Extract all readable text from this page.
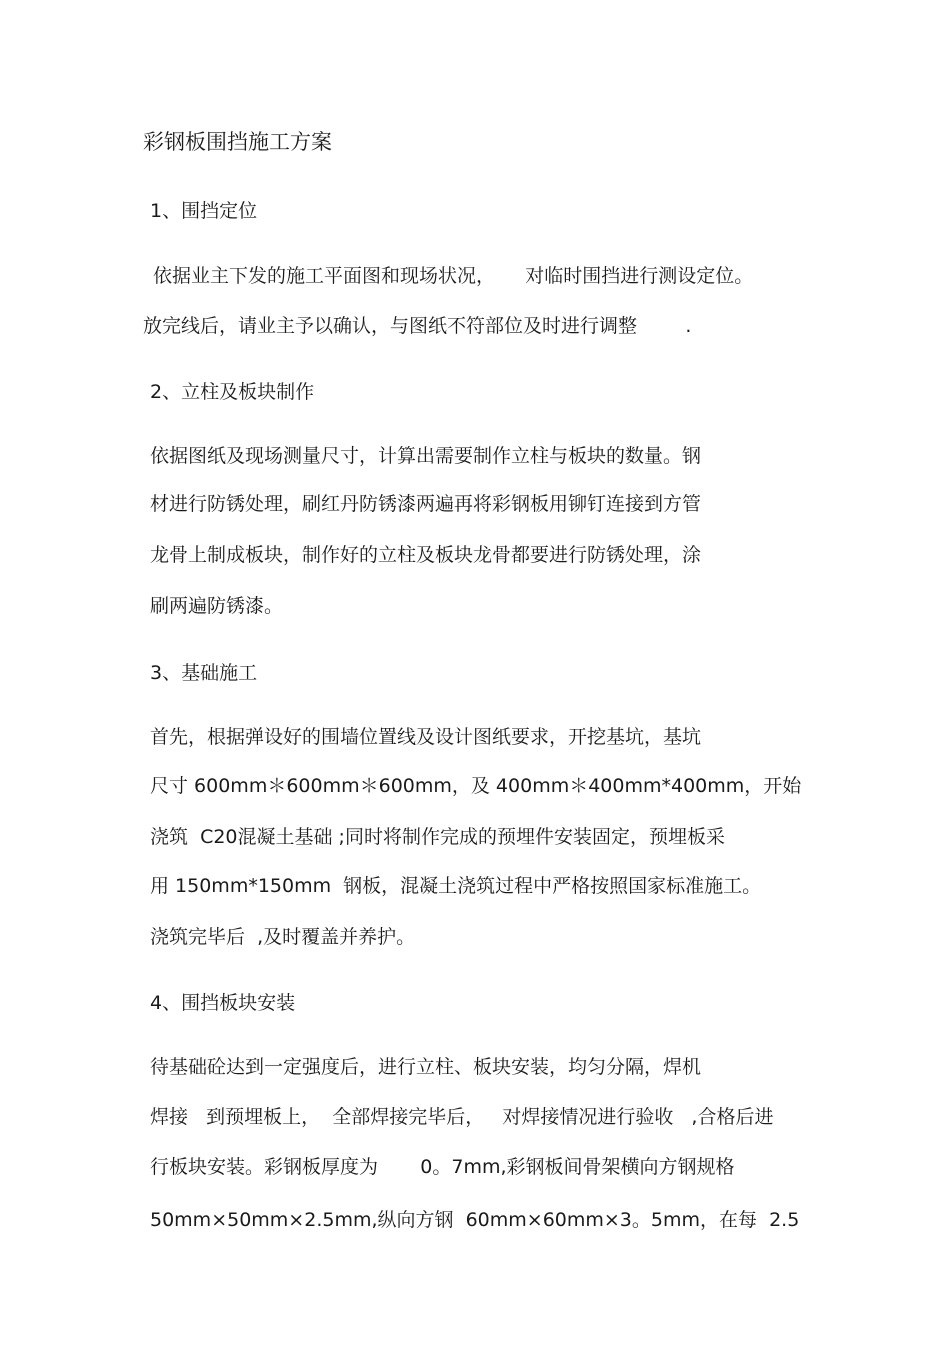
彩钢板围挡施工方案
1、围挡定位
依据业主下发的施工平面图和现场状况，     对临时围挡进行测设定位。
放完线后，请业主予以确认，与图纸不符部位及时进行调整        .
2、立柱及板块制作
依据图纸及现场测量尺寸，计算出需要制作立柱与板块的数量。钢
材进行防锈处理，刷红丹防锈漆两遍再将彩钢板用铆钉连接到方管
龙骨上制成板块，制作好的立柱及板块龙骨都要进行防锈处理，涂
刷两遍防锈漆。
3、基础施工
首先，根据弹设好的围墙位置线及设计图纸要求，开挖基坑，基坑
尺寸 600mm＊600mm＊600mm，及 400mm＊400mm*400mm，开始
浇筑  C20混凝土基础 ;同时将制作完成的预埋件安装固定，预埋板采
用 150mm*150mm  钢板，混凝土浇筑过程中严格按照国家标准施工。
浇筑完毕后  ,及时覆盖并养护。
4、围挡板块安装
待基础砼达到一定强度后，进行立柱、板块安装，均匀分隔，焊机
焊接   到预埋板上，  全部焊接完毕后，   对焊接情况进行验收   ,合格后进
行板块安装。彩钢板厚度为       0。7mm,彩钢板间骨架横向方钢规格
50mm×50mm×2.5mm,纵向方钢  60mm×60mm×3。5mm，在每  2.5
